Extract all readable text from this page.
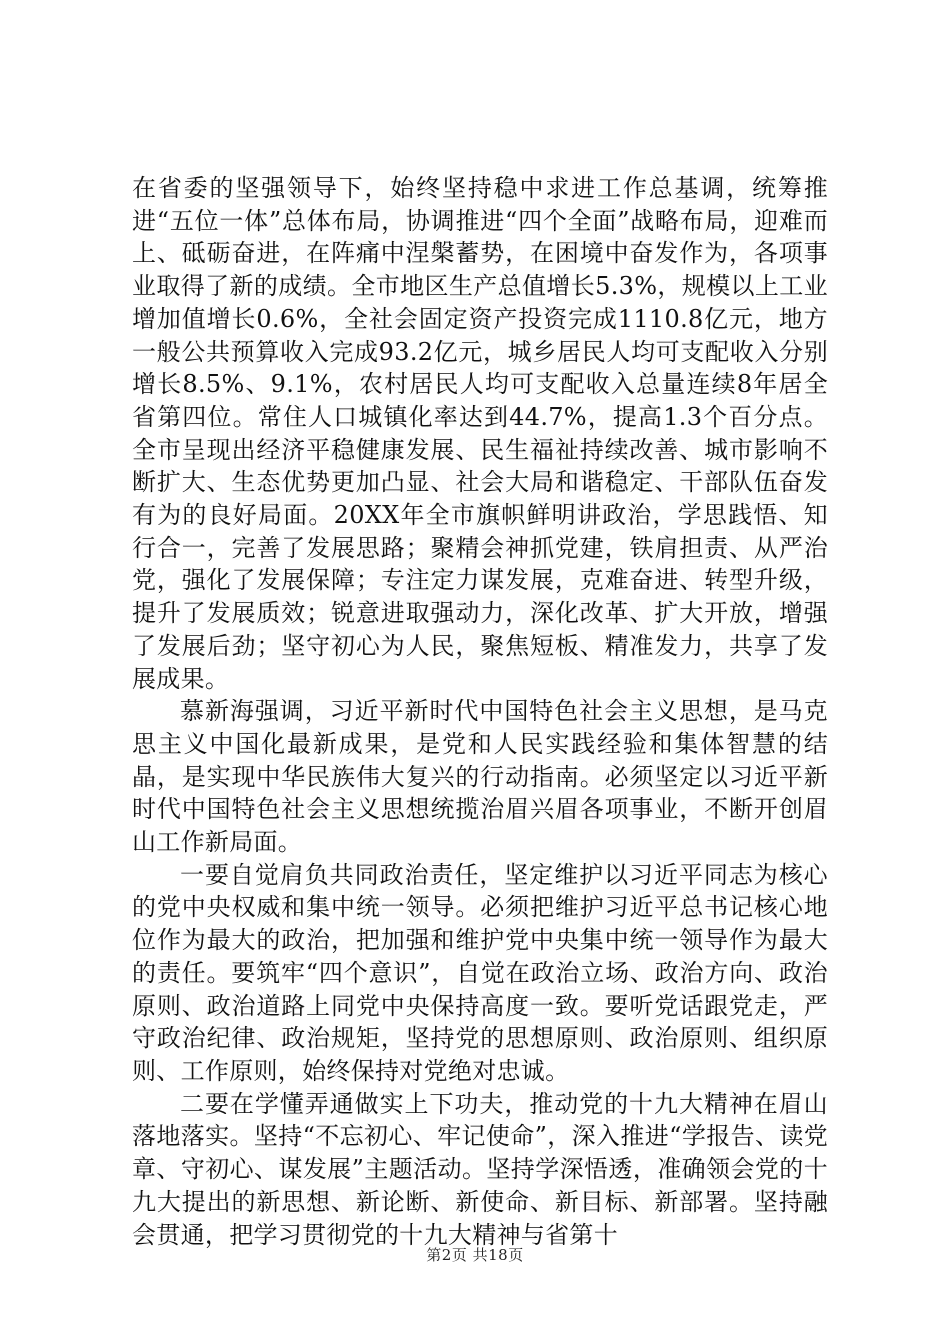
在省委的坚强领导下，始终坚持稳中求进工作总基调，统筹推进“五位一体”总体布局，协调推进“四个全面”战略布局，迎难而上、砥砺奋进，在阵痛中涅槃蓄势，在困境中奋发作为，各项事业取得了新的成绩。全市地区生产总值增长5.3%，规模以上工业增加值增长0.6%，全社会固定资产投资完成1110.8亿元，地方一般公共预算收入完成93.2亿元，城乡居民人均可支配收入分别增长8.5%、9.1%，农村居民人均可支配收入总量连续8年居全省第四位。常住人口城镇化率达到44.7%，提高1.3个百分点。全市呈现出经济平稳健康发展、民生福祉持续改善、城市影响不断扩大、生态优势更加凸显、社会大局和谐稳定、干部队伍奋发有为的良好局面。20XX年全市旗帜鲜明讲政治，学思践悟、知行合一，完善了发展思路；聚精会神抓党建，铁肩担责、从严治党，强化了发展保障；专注定力谋发展，克难奋进、转型升级，提升了发展质效；锐意进取强动力，深化改革、扩大开放，增强了发展后劲；坚守初心为人民，聚焦短板、精准发力，共享了发展成果。

慕新海强调，习近平新时代中国特色社会主义思想，是马克思主义中国化最新成果，是党和人民实践经验和集体智慧的结晶，是实现中华民族伟大复兴的行动指南。必须坚定以习近平新时代中国特色社会主义思想统揽治眉兴眉各项事业，不断开创眉山工作新局面。

一要自觉肩负共同政治责任，坚定维护以习近平同志为核心的党中央权威和集中统一领导。必须把维护习近平总书记核心地位作为最大的政治，把加强和维护党中央集中统一领导作为最大的责任。要筑牢“四个意识”，自觉在政治立场、政治方向、政治原则、政治道路上同党中央保持高度一致。要听党话跟党走，严守政治纪律、政治规矩，坚持党的思想原则、政治原则、组织原则、工作原则，始终保持对党绝对忠诚。

二要在学懂弄通做实上下功夫，推动党的十九大精神在眉山落地落实。坚持“不忘初心、牢记使命”，深入推进“学报告、读党章、守初心、谋发展”主题活动。坚持学深悟透，准确领会党的十九大提出的新思想、新论断、新使命、新目标、新部署。坚持融会贯通，把学习贯彻党的十九大精神与省第十

第2页 共18页
